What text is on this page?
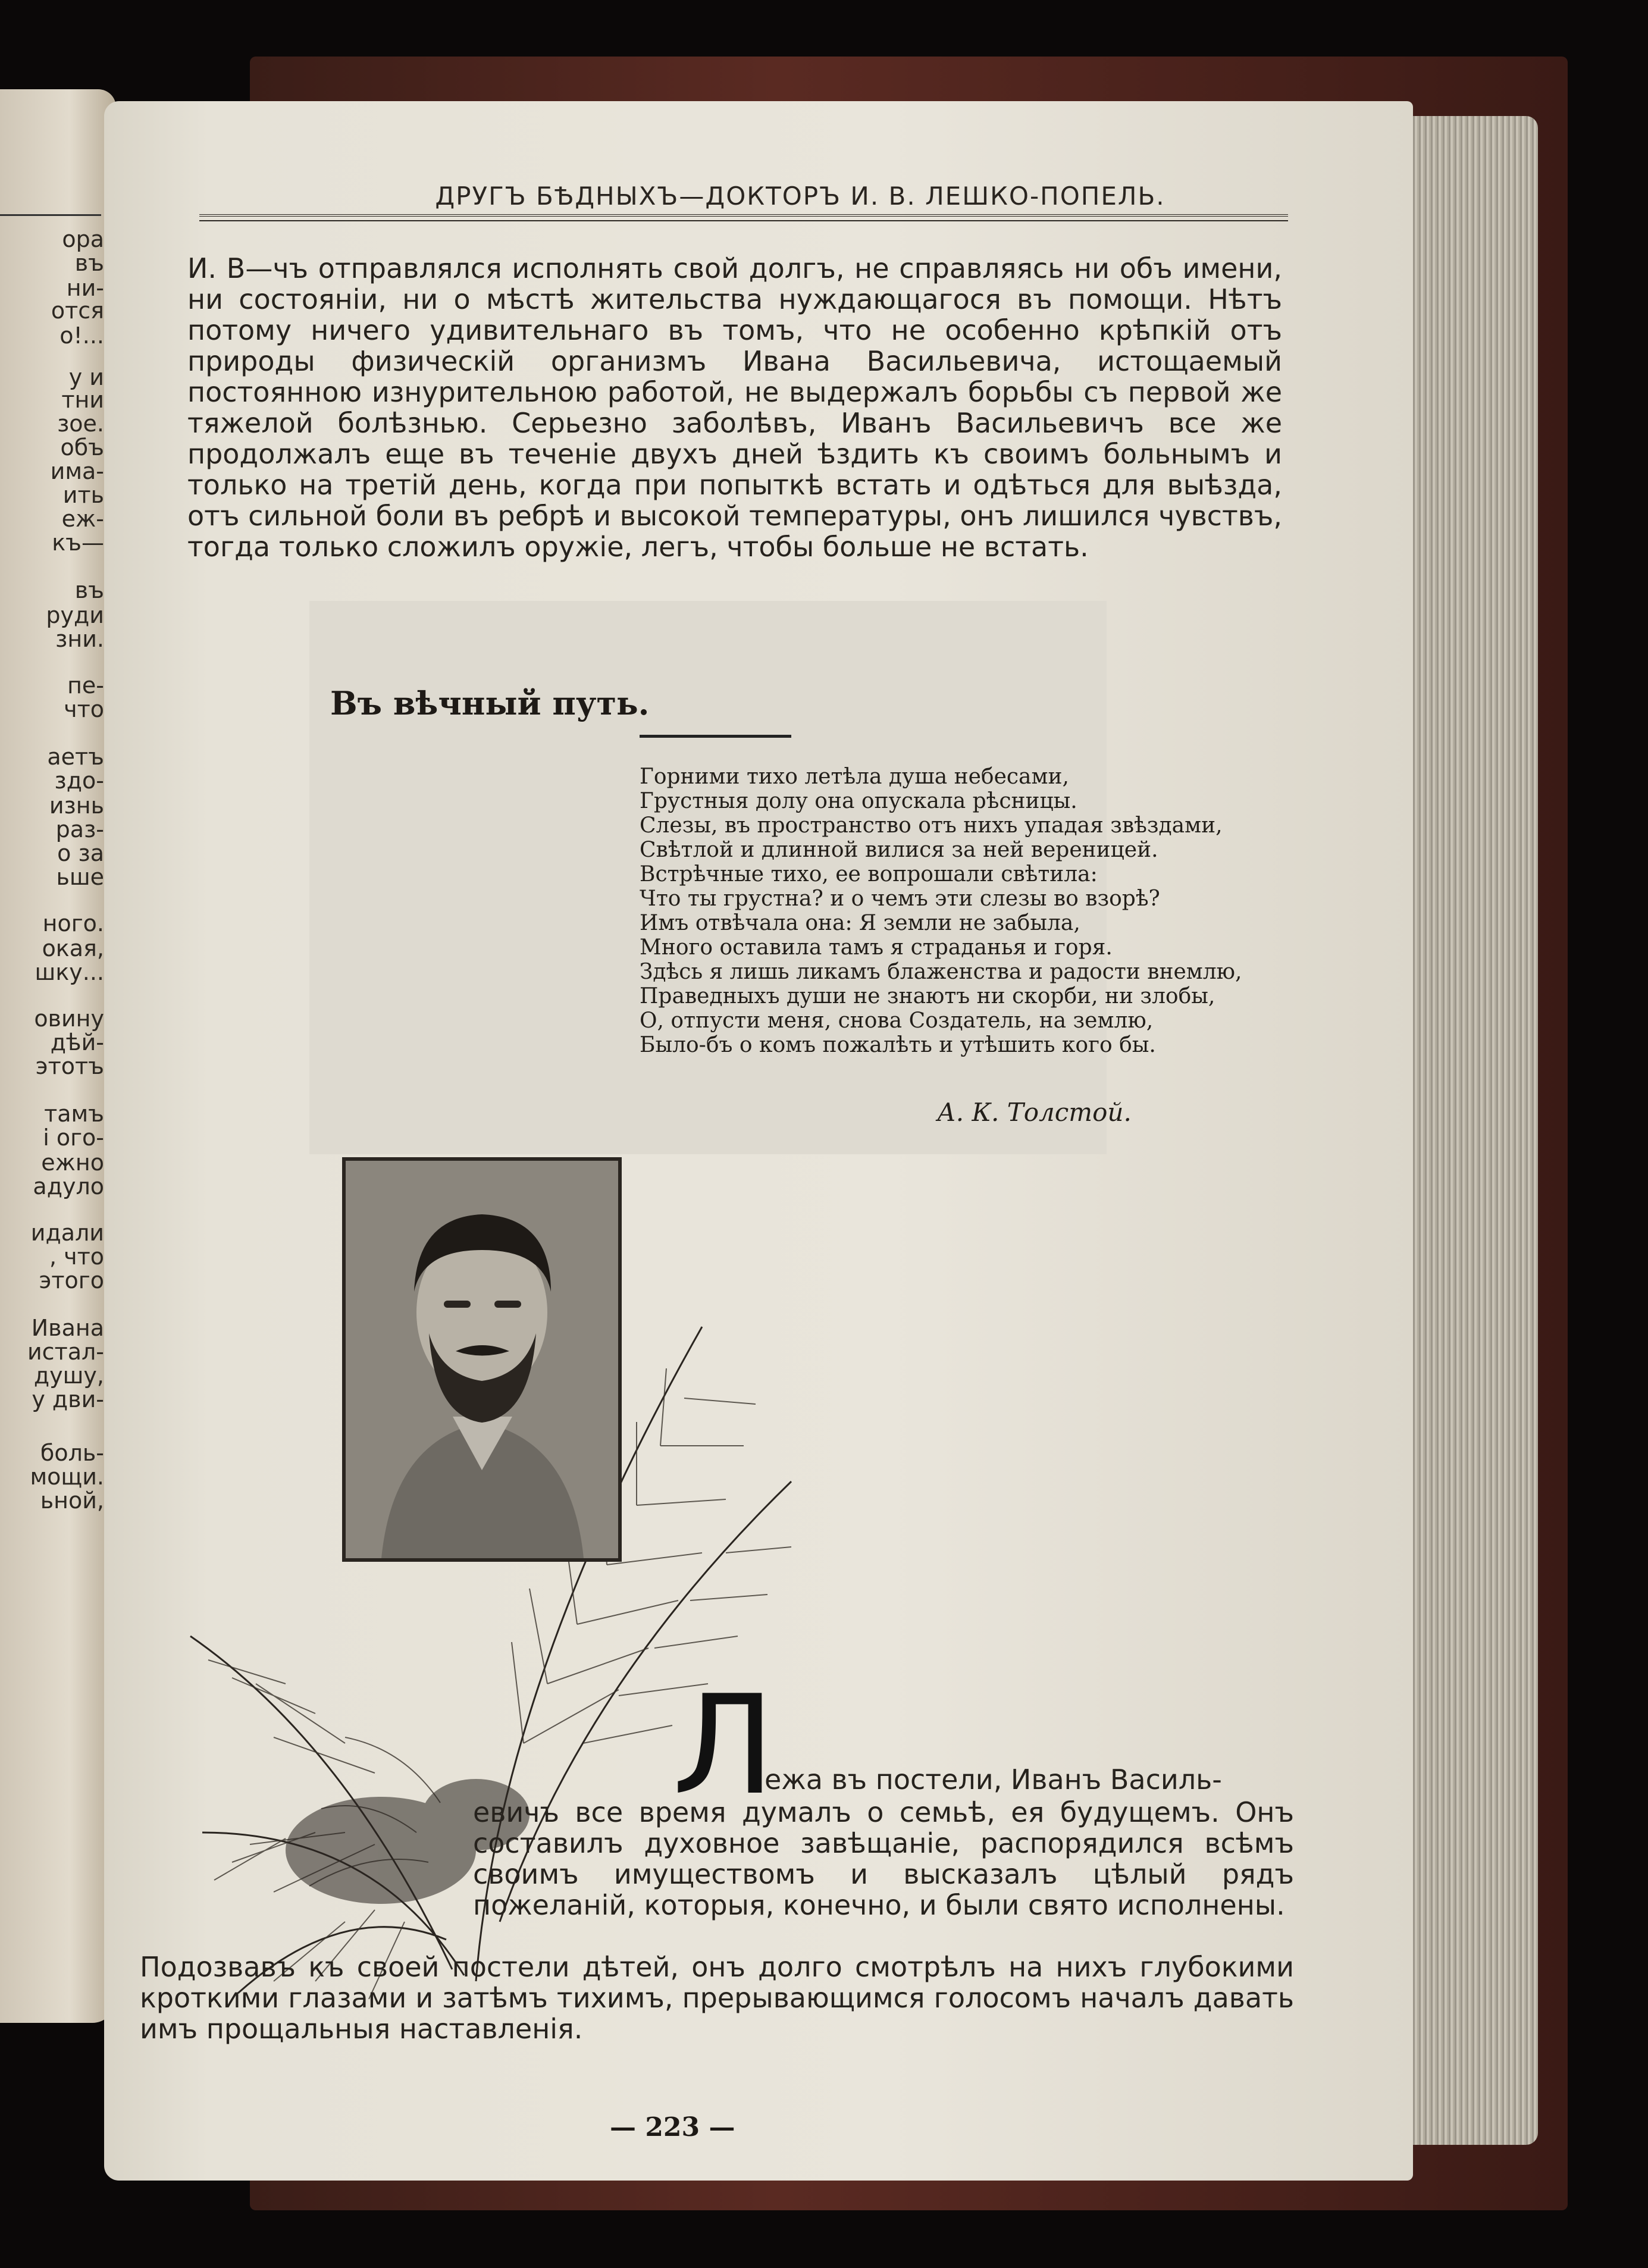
ора
въ
ни-
отся
о!...
у и
тни
зое.
объ
има-
ить
еж-
къ—
въ
руди
зни.
пе-
что
аетъ
здо-
изнь
раз-
о за
ьше
ного.
окая,
шку...
овину
дѣй-
этотъ
тамъ
і ого-
ежно
адуло
идали
, что
этого
Ивана
истал-
душу,
у дви-
боль-
мощи.
ьной,
ДРУГЪ БѢДНЫХЪ—ДОКТОРЪ И. В. ЛЕШКО-ПОПЕЛЬ.

И. В—чъ отправлялся исполнять свой долгъ, не справляясь ни объ имени, ни состояніи, ни о мѣстѣ жительства нуждающагося въ помощи. Нѣтъ потому ничего удивительнаго въ томъ, что не особенно крѣпкій отъ природы физическій организмъ Ивана Васильевича, истощаемый постоянною изнурительною работой, не выдержалъ борьбы съ первой же тяжелой болѣзнью. Серьезно заболѣвъ, Иванъ Васильевичъ все же продолжалъ еще въ теченіе двухъ дней ѣздить къ своимъ больнымъ и только на третій день, когда при попыткѣ встать и одѣться для выѣзда, отъ сильной боли въ ребрѣ и высокой температуры, онъ лишился чувствъ, тогда только сложилъ оружіе, легъ, чтобы больше не встать.

Въ вѣчный путь.
Горними тихо летѣла душа небесами,
Грустныя долу она опускала рѣсницы.
Слезы, въ пространство отъ нихъ упадая звѣздами,
Свѣтлой и длинной вилися за ней вереницей.
Встрѣчные тихо, ее вопрошали свѣтила:
Что ты грустна? и о чемъ эти слезы во взорѣ?
Имъ отвѣчала она: Я земли не забыла,
Много оставила тамъ я страданья и горя.
Здѣсь я лишь ликамъ блаженства и радости внемлю,
Праведныхъ души не знаютъ ни скорби, ни злобы,
О, отпусти меня, снова Создатель, на землю,
Было-бъ о комъ пожалѣть и утѣшить кого бы.
А. К. Толстой.
Л

ежа въ постели, Иванъ Василь-

евичъ все время думалъ о семьѣ, ея будущемъ. Онъ составилъ духовное завѣщаніе, распорядился всѣмъ своимъ имуществомъ и высказалъ цѣлый рядъ пожеланій, которыя, конечно, и были свято исполнены.

Подозвавъ къ своей постели дѣтей, онъ долго смотрѣлъ на нихъ глубокими кроткими глазами и затѣмъ тихимъ, прерывающимся голосомъ началъ давать имъ прощальныя наставленія.

— 223 —
